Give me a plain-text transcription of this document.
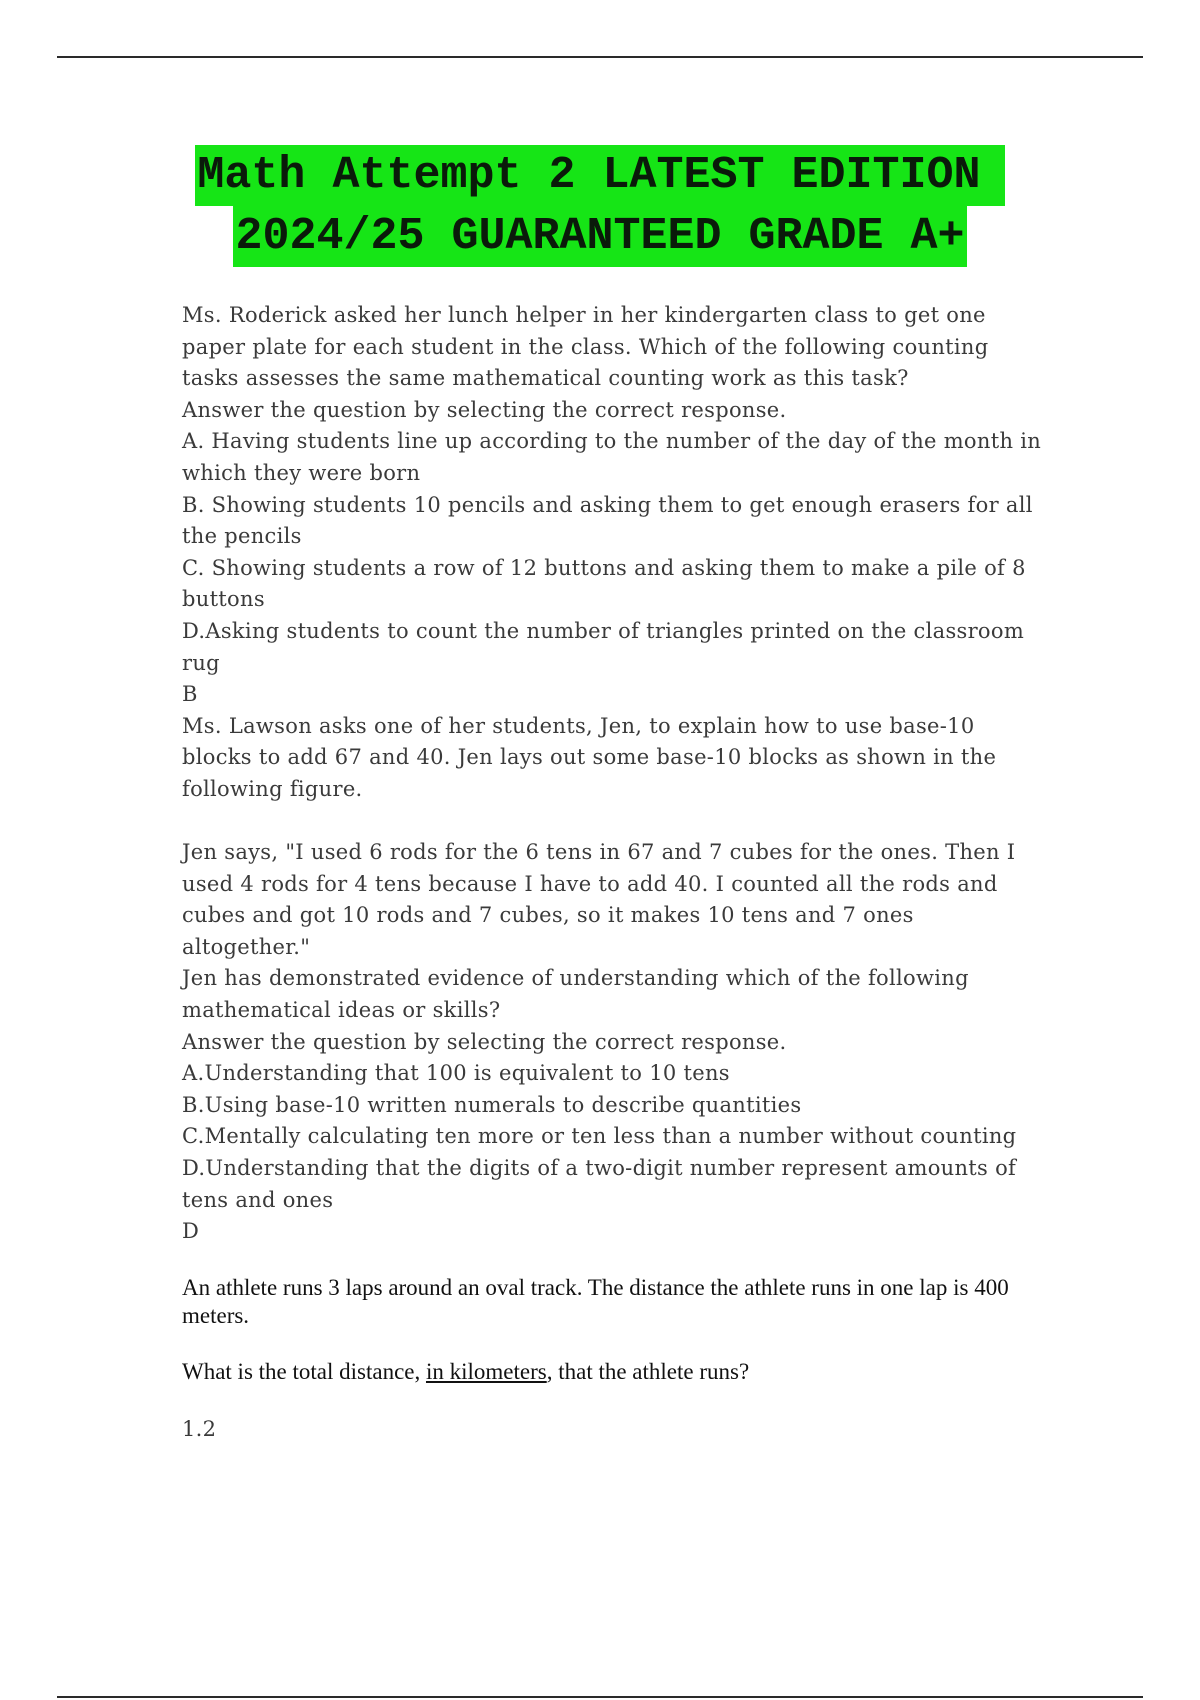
Math Attempt 2 LATEST EDITION
2024/25 GUARANTEED GRADE A+

Ms. Roderick asked her lunch helper in her kindergarten class to get one paper plate for each student in the class. Which of the following counting tasks assesses the same mathematical counting work as this task?

Answer the question by selecting the correct response.

A. Having students line up according to the number of the day of the month in which they were born

B. Showing students 10 pencils and asking them to get enough erasers for all the pencils

C. Showing students a row of 12 buttons and asking them to make a pile of 8 buttons

D.Asking students to count the number of triangles printed on the classroom rug

B

Ms. Lawson asks one of her students, Jen, to explain how to use base-10 blocks to add 67 and 40. Jen lays out some base-10 blocks as shown in the following figure.

Jen says, "I used 6 rods for the 6 tens in 67 and 7 cubes for the ones. Then I used 4 rods for 4 tens because I have to add 40. I counted all the rods and cubes and got 10 rods and 7 cubes, so it makes 10 tens and 7 ones altogether."

Jen has demonstrated evidence of understanding which of the following mathematical ideas or skills?

Answer the question by selecting the correct response.

A.Understanding that 100 is equivalent to 10 tens

B.Using base-10 written numerals to describe quantities

C.Mentally calculating ten more or ten less than a number without counting

D.Understanding that the digits of a two-digit number represent amounts of tens and ones

D

An athlete runs 3 laps around an oval track. The distance the athlete runs in one lap is 400 meters.

What is the total distance, in kilometers, that the athlete runs?

1.2
